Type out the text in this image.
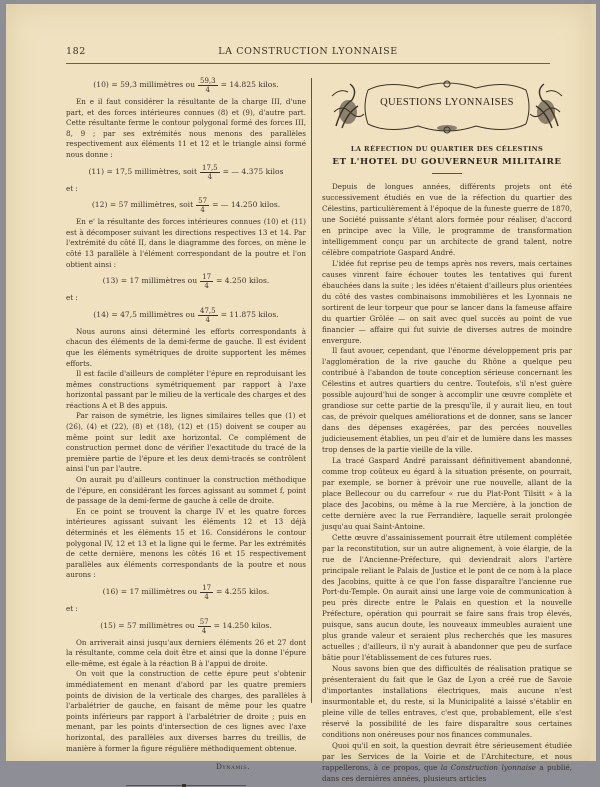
182	LA CONSTRUCTION LYONNAISE
(10)
= 59,3 millimètres ou $\frac{59,3}{4} = 14.825$ kilos.

En e il faut considérer la résultante de la charge III, d'une part, et des forces intérieures connues (8) et (9), d'autre part. Cette résultante ferme le contour polygonal formé des forces III, 8, 9 ; par ses extrémités nous menons des parallèles respectivement aux éléments 11 et 12 et le triangle ainsi formé nous donne :

(11)
= 17,5 millimètres, soit $\frac{17,5}{4}$ = — 4.375 kilos
et :
(12)
= 57 millimètres, soit $\frac{57}{4}$ = — 14.250 kilos.

En e' la résultante des forces intérieures connues (10) et (11) est à décomposer suivant les directions respectives 13 et 14. Par l'extrémité du côté II, dans le diagramme des forces, on mène le côté 13 parallèle à l'élément correspondant de la poutre et l'on obtient ainsi :

(13)
= 17 millimètres ou $\frac{17}{4} = 4.250$ kilos.
et :
(14)
= 47,5 millimètres ou $\frac{47,5}{4} = 11.875$ kilos.

Nous aurons ainsi déterminé les efforts correspondants à chacun des éléments de la demi-ferme de gauche. Il est évident que les éléments symétriques de droite supportent les mêmes efforts.

Il est facile d'ailleurs de compléter l'épure en reproduisant les mêmes constructions symétriquement par rapport à l'axe horizontal passant par le milieu de la verticale des charges et des réactions A et B des appuis.

Par raison de symétrie, les lignes similaires telles que (1) et (26), (4) et (22), (8) et (18), (12) et (15) doivent se couper au même point sur ledit axe horizontal. Ce complément de construction permet donc de vérifier l'exactitude du tracé de la première partie de l'épure et les deux demi-tracés se contrôlent ainsi l'un par l'autre.

On aurait pu d'ailleurs continuer la construction méthodique de l'épure, en considérant les forces agissant au sommet f, point de passage de la demi-ferme de gauche à celle de droite.

En ce point se trouvent la charge IV et les quatre forces intérieures agissant suivant les éléments 12 et 13 déjà déterminés et les éléments 15 et 16. Considérons le contour polygonal IV, 12 et 13 et la ligne qui le ferme. Par les extrémités de cette dernière, menons les côtés 16 et 15 respectivement parallèles aux éléments correspondants de la poutre et nous aurons :

(16)
= 17 millimètres ou $\frac{17}{4} = 4.255$ kilos.
et :
(15)
= 57 millimètres ou $\frac{57}{4} = 14.250$ kilos.

On arriverait ainsi jusqu'aux derniers éléments 26 et 27 dont la résultante, comme cela doit être et ainsi que la donne l'épure elle-même, est égale à la réaction B à l'appui de droite.

On voit que la construction de cette épure peut s'obtenir immédiatement en menant d'abord par les quatre premiers points de division de la verticale des charges, des parallèles à l'arbalétrier de gauche, en faisant de même pour les quatre points inférieurs par rapport à l'arbalétrier de droite ; puis en menant, par les points d'intersection de ces lignes avec l'axe horizontal, des parallèles aux diverses barres du treillis, de manière à former la figure régulière méthodiquement obtenue.

Dynamis.
QUESTIONS LYONNAISES
LA RÉFECTION DU QUARTIER DES CÉLESTINS
ET L'HOTEL DU GOUVERNEUR MILITAIRE

Depuis de longues années, différents projets ont été successivement étudiés en vue de la réfection du quartier des Célestins, particulièrement à l'époque de la funeste guerre de 1870, une Société puissante s'étant alors formée pour réaliser, d'accord en principe avec la Ville, le programme de transformation intelligemment conçu par un architecte de grand talent, notre célèbre compatriote Gaspard André.

L'idée fut reprise peu de temps après nos revers, mais certaines causes vinrent faire échouer toutes les tentatives qui furent ébauchées dans la suite ; les idées n'étaient d'ailleurs plus orientées du côté des vastes combinaisons immobilières et les Lyonnais ne sortirent de leur torpeur que pour se lancer dans la fameuse affaire du quartier Grôlée — on sait avec quel succès au point de vue financier — affaire qui fut suivie de diverses autres de moindre envergure.

Il faut avouer, cependant, que l'énorme développement pris par l'agglomération de la rive gauche du Rhône a quelque peu contribué à l'abandon de toute conception sérieuse concernant les Célestins et autres quartiers du centre. Toutefois, s'il n'est guère possible aujourd'hui de songer à accomplir une œuvre complète et grandiose sur cette partie de la presqu'île, il y aurait lieu, en tout cas, de prévoir quelques améliorations et de donner, sans se lancer dans des dépenses exagérées, par des percées nouvelles judicieusement établies, un peu d'air et de lumière dans les masses trop denses de la partie vieille de la ville.

La tracé Gaspard André paraissant définitivement abandonné, comme trop coûteux eu égard à la situation présente, on pourrait, par exemple, se borner à prévoir une rue nouvelle, allant de la place Bellecour ou du carrefour « rue du Plat-Pont Tilsitt » à la place des Jacobins, ou même à la rue Mercière, à la jonction de cette dernière avec la rue Ferrandière, laquelle serait prolongée jusqu'au quai Saint-Antoine.

Cette œuvre d'assainissement pourrait être utilement complétée par la reconstitution, sur un autre alignement, à voie élargie, de la rue de l'Ancienne-Préfecture, qui deviendrait alors l'artère principale reliant le Palais de Justice et le pont de ce nom à la place des Jacobins, quitte à ce que l'on fasse disparaître l'ancienne rue Port-du-Temple. On aurait ainsi une large voie de communication à peu près directe entre le Palais en question et la nouvelle Préfecture, opération qui pourrait se faire sans frais trop élevés, puisque, sans aucun doute, les nouveaux immeubles auraient une plus grande valeur et seraient plus recherchés que les masures actuelles ; d'ailleurs, il n'y aurait à abandonner que peu de surface bâtie pour l'établissement de ces futures rues.

Nous savons bien que des difficultés de réalisation pratique se présenteraient du fait que le Gaz de Lyon a créé rue de Savoie d'importantes installations électriques, mais aucune n'est insurmontable et, du reste, si la Municipalité a laissé s'établir en pleine ville de telles entraves, c'est que, probablement, elle s'est réservé la possibilité de les faire disparaître sous certaines conditions non onéreuses pour nos finances communales.

Quoi qu'il en soit, la question devrait être sérieusement étudiée par les Services de la Voirie et de l'Architecture, et nous rappellerons, à ce propos, que la Construction lyonnaise a publié, dans ces dernières années, plusieurs articles
